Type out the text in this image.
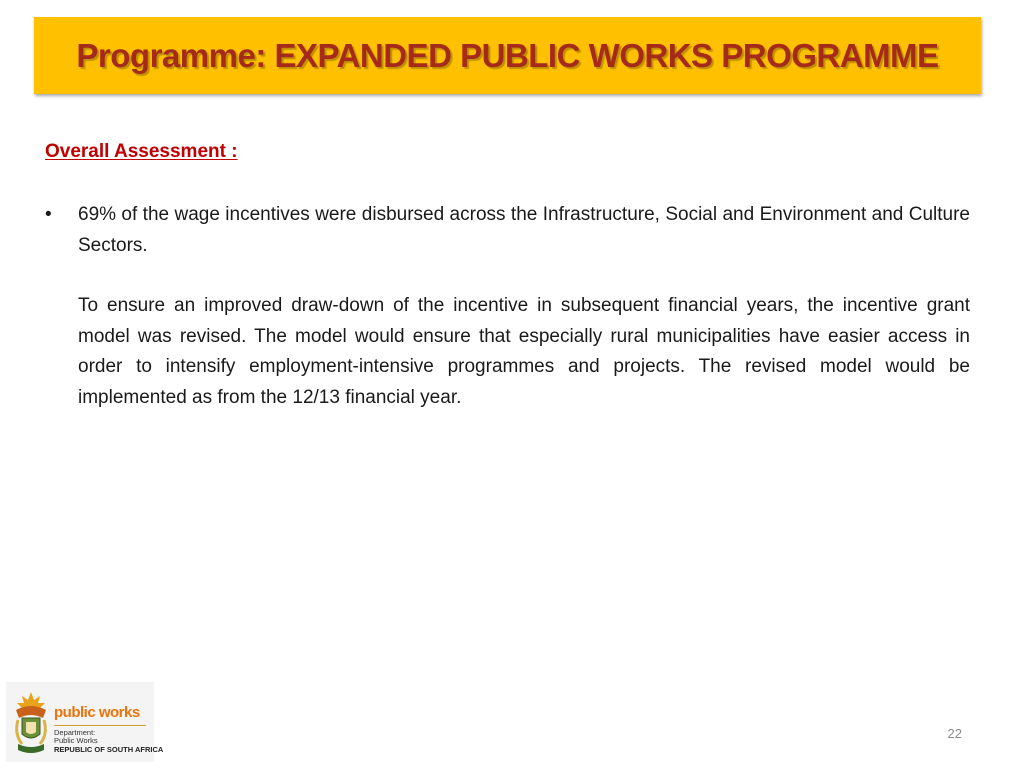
Programme: EXPANDED PUBLIC WORKS PROGRAMME
Overall Assessment :
•	69% of the wage incentives were disbursed across the Infrastructure, Social and Environment and Culture Sectors.
To ensure an improved draw-down of the incentive in subsequent financial years, the incentive grant model was revised. The model would ensure that especially rural municipalities have easier access in order to intensify employment-intensive programmes and projects. The revised model would be implemented as from the 12/13 financial year.
public works
Department:
Public Works
REPUBLIC OF SOUTH AFRICA
22
